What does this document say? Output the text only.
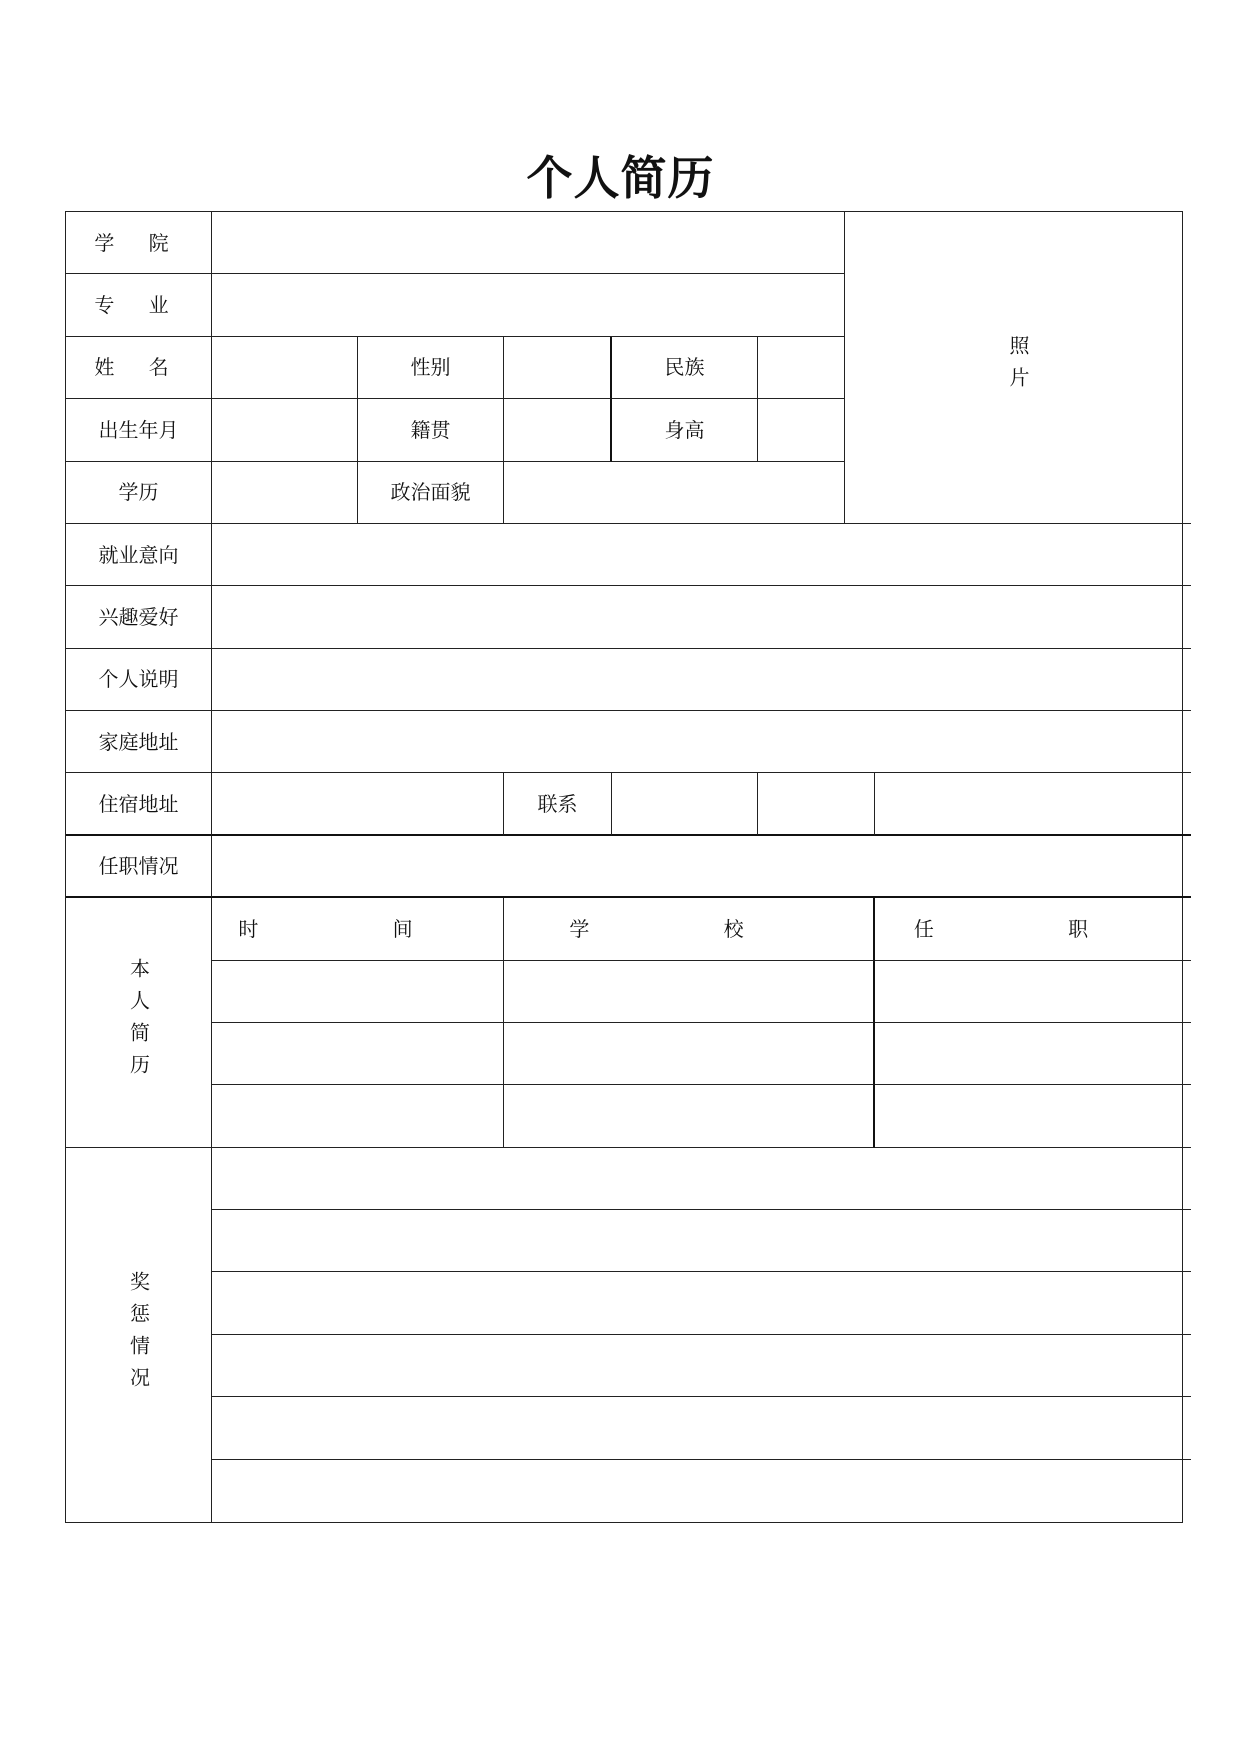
个人简历
学 院
照片
专 业
姓 名	性别	民族
出生年月	籍贯	身高
学历	政治面貌
就业意向
兴趣爱好
个人说明
家庭地址
住宿地址	联系
任职情况
本人简历
时 间	学 校	任 职
奖惩情况
